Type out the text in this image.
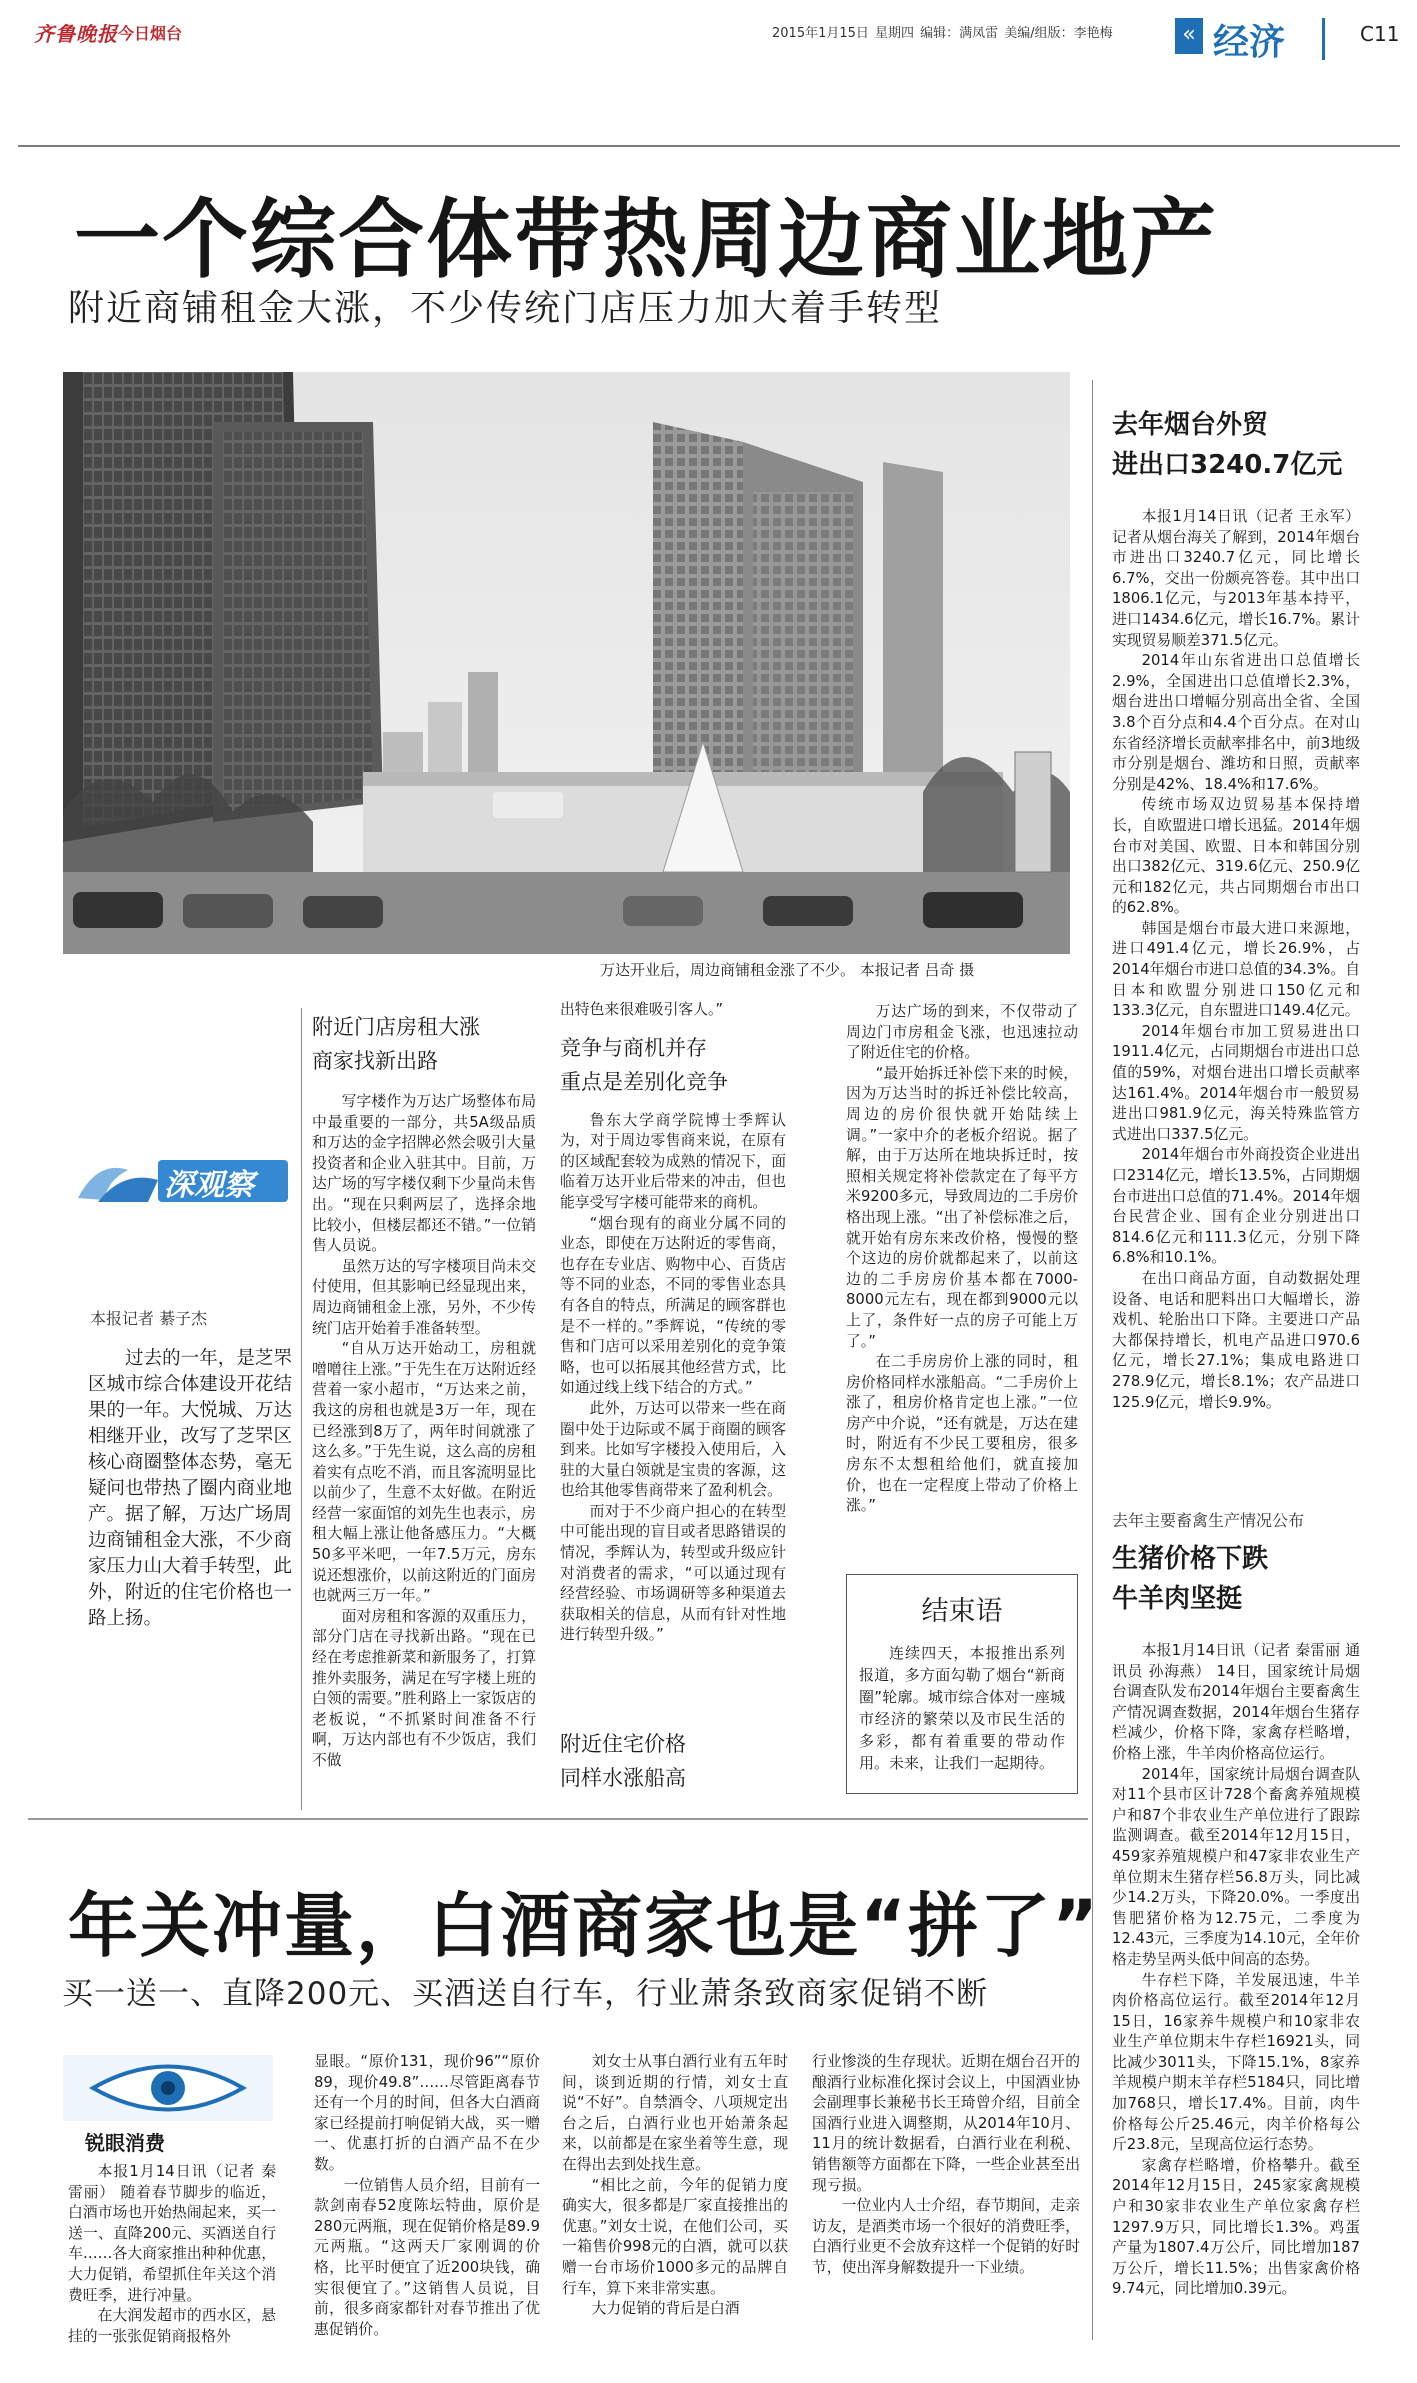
齐鲁晚报 今日烟台	2015年1月15日 星期四 编辑：满凤雷 美编/组版：李艳梅	« 经济	C11
一个综合体带热周边商业地产
附近商铺租金大涨，不少传统门店压力加大着手转型
万达开业后，周边商铺租金涨了不少。 本报记者 吕奇 摄
深观察
本报记者 綦子杰

过去的一年，是芝罘区城市综合体建设开花结果的一年。大悦城、万达相继开业，改写了芝罘区核心商圈整体态势，毫无疑问也带热了圈内商业地产。据了解，万达广场周边商铺租金大涨，不少商家压力山大着手转型，此外，附近的住宅价格也一路上扬。

附近门店房租大涨
商家找新出路

写字楼作为万达广场整体布局中最重要的一部分，共5A级品质和万达的金字招牌必然会吸引大量投资者和企业入驻其中。目前，万达广场的写字楼仅剩下少量尚未售出。“现在只剩两层了，选择余地比较小，但楼层都还不错。”一位销售人员说。

虽然万达的写字楼项目尚未交付使用，但其影响已经显现出来，周边商铺租金上涨，另外，不少传统门店开始着手准备转型。

“自从万达开始动工，房租就噌噌往上涨。”于先生在万达附近经营着一家小超市，“万达来之前，我这的房租也就是3万一年，现在已经涨到8万了，两年时间就涨了这么多。”于先生说，这么高的房租着实有点吃不消，而且客流明显比以前少了，生意不太好做。在附近经营一家面馆的刘先生也表示，房租大幅上涨让他备感压力。“大概50多平米吧，一年7.5万元，房东说还想涨价，以前这附近的门面房也就两三万一年。”

面对房租和客源的双重压力，部分门店在寻找新出路。“现在已经在考虑推新菜和新服务了，打算推外卖服务，满足在写字楼上班的白领的需要。”胜利路上一家饭店的老板说，“不抓紧时间准备不行啊，万达内部也有不少饭店，我们不做

出特色来很难吸引客人。”
竞争与商机并存
重点是差别化竞争

鲁东大学商学院博士季辉认为，对于周边零售商来说，在原有的区域配套较为成熟的情况下，面临着万达开业后带来的冲击，但也能享受写字楼可能带来的商机。

“烟台现有的商业分属不同的业态，即使在万达附近的零售商，也存在专业店、购物中心、百货店等不同的业态，不同的零售业态具有各自的特点，所满足的顾客群也是不一样的。”季辉说，“传统的零售和门店可以采用差别化的竞争策略，也可以拓展其他经营方式，比如通过线上线下结合的方式。”

此外，万达可以带来一些在商圈中处于边际或不属于商圈的顾客到来。比如写字楼投入使用后，入驻的大量白领就是宝贵的客源，这也给其他零售商带来了盈利机会。

而对于不少商户担心的在转型中可能出现的盲目或者思路错误的情况，季辉认为，转型或升级应针对消费者的需求，“可以通过现有经营经验、市场调研等多种渠道去获取相关的信息，从而有针对性地进行转型升级。”

附近住宅价格
同样水涨船高

万达广场的到来，不仅带动了周边门市房租金飞涨，也迅速拉动了附近住宅的价格。

“最开始拆迁补偿下来的时候，因为万达当时的拆迁补偿比较高，周边的房价很快就开始陆续上调。”一家中介的老板介绍说。据了解，由于万达所在地块拆迁时，按照相关规定将补偿款定在了每平方米9200多元，导致周边的二手房价格出现上涨。“出了补偿标准之后，就开始有房东来改价格，慢慢的整个这边的房价就都起来了，以前这边的二手房房价基本都在7000-8000元左右，现在都到9000元以上了，条件好一点的房子可能上万了。”

在二手房房价上涨的同时，租房价格同样水涨船高。“二手房价上涨了，租房价格肯定也上涨。”一位房产中介说，“还有就是，万达在建时，附近有不少民工要租房，很多房东不太想租给他们，就直接加价，也在一定程度上带动了价格上涨。”

结束语
连续四天，本报推出系列报道，多方面勾勒了烟台“新商圈”轮廓。城市综合体对一座城市经济的繁荣以及市民生活的多彩，都有着重要的带动作用。未来，让我们一起期待。
去年烟台外贸
进出口3240.7亿元

本报1月14日讯（记者 王永军） 记者从烟台海关了解到，2014年烟台市进出口3240.7亿元，同比增长6.7%，交出一份颇亮答卷。其中出口1806.1亿元，与2013年基本持平，进口1434.6亿元，增长16.7%。累计实现贸易顺差371.5亿元。

2014年山东省进出口总值增长2.9%，全国进出口总值增长2.3%，烟台进出口增幅分别高出全省、全国3.8个百分点和4.4个百分点。在对山东省经济增长贡献率排名中，前3地级市分别是烟台、潍坊和日照，贡献率分别是42%、18.4%和17.6%。

传统市场双边贸易基本保持增长，自欧盟进口增长迅猛。2014年烟台市对美国、欧盟、日本和韩国分别出口382亿元、319.6亿元、250.9亿元和182亿元，共占同期烟台市出口的62.8%。

韩国是烟台市最大进口来源地，进口491.4亿元，增长26.9%，占2014年烟台市进口总值的34.3%。自日本和欧盟分别进口150亿元和133.3亿元，自东盟进口149.4亿元。

2014年烟台市加工贸易进出口1911.4亿元，占同期烟台市进出口总值的59%，对烟台进出口增长贡献率达161.4%。2014年烟台市一般贸易进出口981.9亿元，海关特殊监管方式进出口337.5亿元。

2014年烟台市外商投资企业进出口2314亿元，增长13.5%，占同期烟台市进出口总值的71.4%。2014年烟台民营企业、国有企业分别进出口814.6亿元和111.3亿元，分别下降6.8%和10.1%。

在出口商品方面，自动数据处理设备、电话和肥料出口大幅增长，游戏机、轮胎出口下降。主要进口产品大都保持增长，机电产品进口970.6亿元，增长27.1%；集成电路进口278.9亿元，增长8.1%；农产品进口125.9亿元，增长9.9%。

去年主要畜禽生产情况公布
生猪价格下跌
牛羊肉坚挺

本报1月14日讯（记者 秦雷丽 通讯员 孙海燕） 14日，国家统计局烟台调查队发布2014年烟台主要畜禽生产情况调查数据，2014年烟台生猪存栏减少，价格下降，家禽存栏略增，价格上涨，牛羊肉价格高位运行。

2014年，国家统计局烟台调查队对11个县市区计728个畜禽养殖规模户和87个非农业生产单位进行了跟踪监测调查。截至2014年12月15日，459家养殖规模户和47家非农业生产单位期末生猪存栏56.8万头，同比减少14.2万头，下降20.0%。一季度出售肥猪价格为12.75元，二季度为12.43元，三季度为14.10元，全年价格走势呈两头低中间高的态势。

牛存栏下降，羊发展迅速，牛羊肉价格高位运行。截至2014年12月15日，16家养牛规模户和10家非农业生产单位期末牛存栏16921头，同比减少3011头，下降15.1%，8家养羊规模户期末羊存栏5184只，同比增加768只，增长17.4%。目前，肉牛价格每公斤25.46元，肉羊价格每公斤23.8元，呈现高位运行态势。

家禽存栏略增，价格攀升。截至2014年12月15日，245家家禽规模户和30家非农业生产单位家禽存栏1297.9万只，同比增长1.3%。鸡蛋产量为1807.4万公斤，同比增加187万公斤，增长11.5%；出售家禽价格9.74元，同比增加0.39元。

年关冲量，白酒商家也是“拼了”
买一送一、直降200元、买酒送自行车，行业萧条致商家促销不断
锐眼消费

本报1月14日讯（记者 秦雷丽） 随着春节脚步的临近，白酒市场也开始热闹起来，买一送一、直降200元、买酒送自行车……各大商家推出种种优惠，大力促销，希望抓住年关这个消费旺季，进行冲量。

在大润发超市的西水区，悬挂的一张张促销商报格外

显眼。“原价131，现价96”“原价89，现价49.8”……尽管距离春节还有一个月的时间，但各大白酒商家已经提前打响促销大战，买一赠一、优惠打折的白酒产品不在少数。

一位销售人员介绍，目前有一款剑南春52度陈坛特曲，原价是280元两瓶，现在促销价格是89.9元两瓶。“这两天厂家刚调的价格，比平时便宜了近200块钱，确实很便宜了。”这销售人员说，目前，很多商家都针对春节推出了优惠促销价。

刘女士从事白酒行业有五年时间，谈到近期的行情，刘女士直说“不好”。自禁酒令、八项规定出台之后，白酒行业也开始萧条起来，以前都是在家坐着等生意，现在得出去到处找生意。

“相比之前，今年的促销力度确实大，很多都是厂家直接推出的优惠。”刘女士说，在他们公司，买一箱售价998元的白酒，就可以获赠一台市场价1000多元的品牌自行车，算下来非常实惠。

大力促销的背后是白酒

行业惨淡的生存现状。近期在烟台召开的酿酒行业标准化探讨会议上，中国酒业协会副理事长兼秘书长王琦曾介绍，目前全国酒行业进入调整期，从2014年10月、11月的统计数据看，白酒行业在利税、销售额等方面都在下降，一些企业甚至出现亏损。

一位业内人士介绍，春节期间，走亲访友，是酒类市场一个很好的消费旺季，白酒行业更不会放弃这样一个促销的好时节，使出浑身解数提升一下业绩。
